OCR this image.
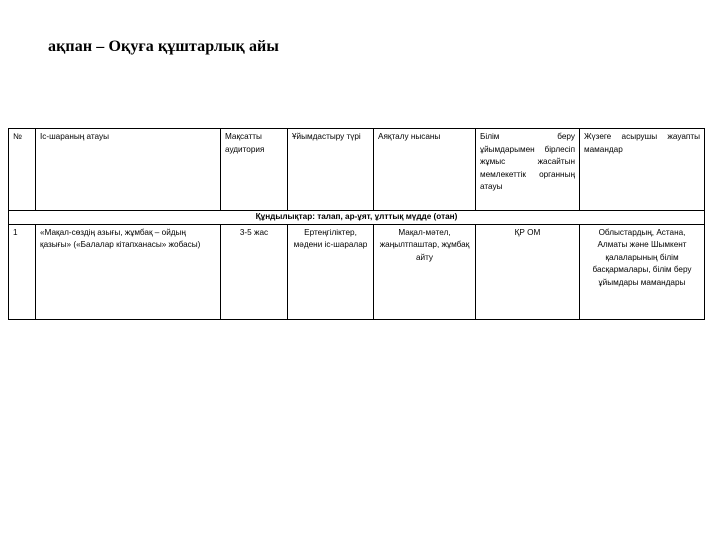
ақпан – Оқуға құштарлық айы
№	Іс-шараның атауы	Мақсатты аудитория	Ұйымдастыру түрі	Аяқталу нысаны	Білім беру ұйымдарымен бірлесіп жұмыс жасайтын мемлекеттік органның атауы	Жүзеге асырушы жауапты мамандар
Құндылықтар: талап, ар-ұят, ұлттық мүдде (отан)						
1	«Мақал-сөздің азығы, жұмбақ – ойдың қазығы» («Балалар кітапханасы» жобасы)	3-5 жас	Ертеңгіліктер, мәдени іс-шаралар	Мақал-мәтел, жаңылтпаштар, жұмбақ айту	ҚР ОМ	Облыстардың, Астана, Алматы және Шымкент қалаларының білім басқармалары, білім беру ұйымдары мамандары
